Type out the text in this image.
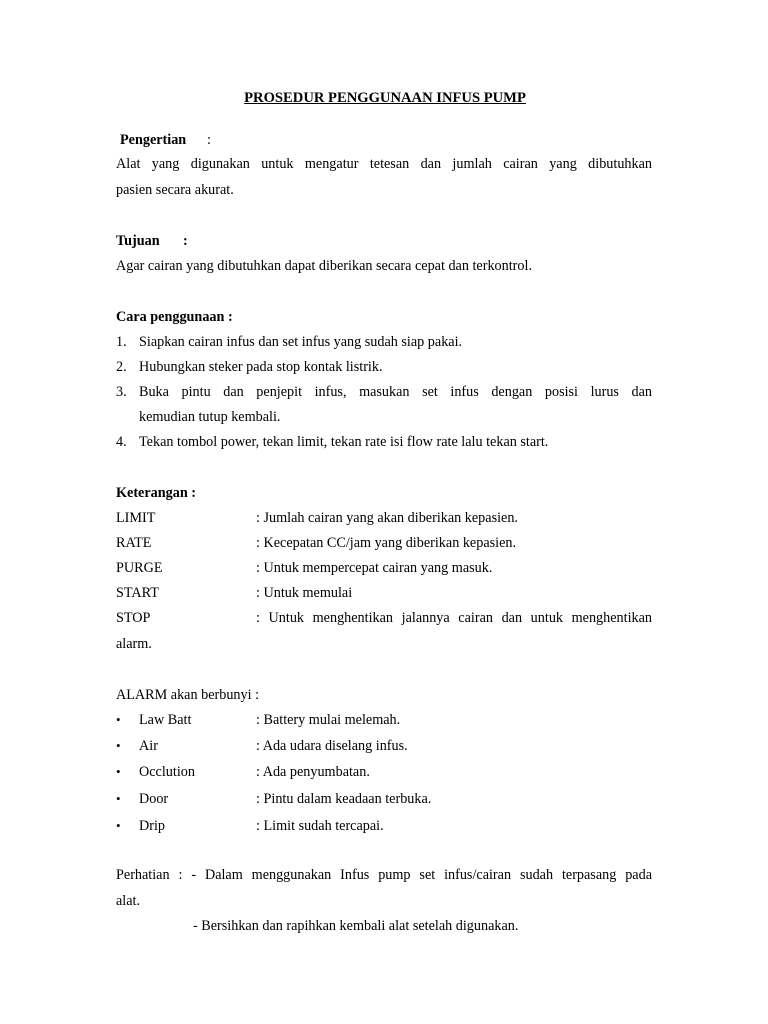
PROSEDUR PENGGUNAAN INFUS PUMP
Pengertian :
Alat yang digunakan untuk mengatur tetesan dan jumlah cairan yang dibutuhkan
pasien secara akurat.
Tujuan :
Agar cairan yang dibutuhkan dapat diberikan secara cepat dan terkontrol.
Cara penggunaan :
1. Siapkan cairan infus dan set infus yang sudah siap pakai.
2. Hubungkan steker pada stop kontak listrik.
3. Buka pintu dan penjepit infus, masukan set infus dengan posisi lurus dan
kemudian tutup kembali.
4. Tekan tombol power, tekan limit, tekan rate isi flow rate lalu tekan start.
Keterangan :
LIMIT	: Jumlah cairan yang akan diberikan kepasien.
RATE	: Kecepatan CC/jam yang diberikan kepasien.
PURGE	: Untuk mempercepat cairan yang masuk.
START	: Untuk memulai
STOP	: Untuk menghentikan jalannya cairan dan untuk menghentikan
alarm.
ALARM akan berbunyi :
• Law Batt	: Battery mulai melemah.
• Air	: Ada udara diselang infus.
• Occlution	: Ada penyumbatan.
• Door	: Pintu dalam keadaan terbuka.
• Drip	: Limit sudah tercapai.
Perhatian : - Dalam menggunakan Infus pump set infus/cairan sudah terpasang pada
alat.
- Bersihkan dan rapihkan kembali alat setelah digunakan.
